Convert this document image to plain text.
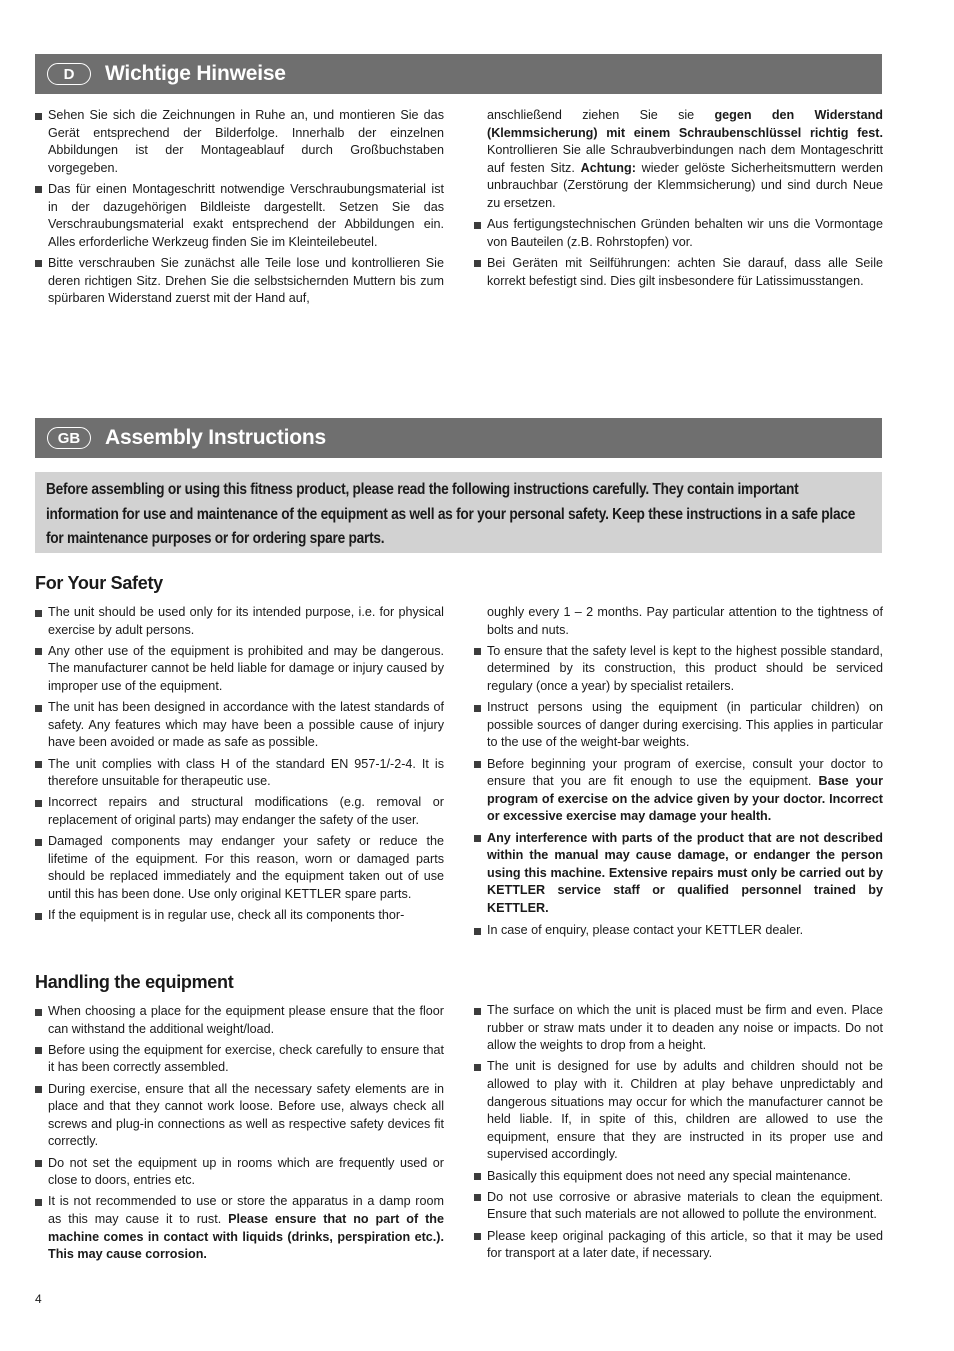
D	Wichtige Hinweise
Sehen Sie sich die Zeichnungen in Ruhe an, und montieren Sie das Gerät entsprechend der Bilderfolge. Innerhalb der einzelnen Abbildungen ist der Montageablauf durch Großbuchstaben vorgegeben.
Das für einen Montageschritt notwendige Verschraubungsmaterial ist in der dazugehörigen Bildleiste dargestellt. Setzen Sie das Verschraubungsmaterial exakt entsprechend der Abbildungen ein. Alles erforderliche Werkzeug finden Sie im Kleinteilebeutel.
Bitte verschrauben Sie zunächst alle Teile lose und kontrollieren Sie deren richtigen Sitz. Drehen Sie die selbstsichernden Muttern bis zum spürbaren Widerstand zuerst mit der Hand auf,
anschließend ziehen Sie sie gegen den Widerstand (Klemmsicherung) mit einem Schraubenschlüssel richtig fest. Kontrollieren Sie alle Schraubverbindungen nach dem Montageschritt auf festen Sitz. Achtung: wieder gelöste Sicherheitsmuttern werden unbrauchbar (Zerstörung der Klemmsicherung) und sind durch Neue zu ersetzen.
Aus fertigungstechnischen Gründen behalten wir uns die Vormontage von Bauteilen (z.B. Rohrstopfen) vor.
Bei Geräten mit Seilführungen: achten Sie darauf, dass alle Seile korrekt befestigt sind. Dies gilt insbesondere für Latissimusstangen.
GB	Assembly Instructions
Before assembling or using this fitness product, please read the following instructions carefully. They contain important information for use and maintenance of the equipment as well as for your personal safety. Keep these instructions in a safe place for maintenance purposes or for ordering spare parts.
For Your Safety
The unit should be used only for its intended purpose, i.e. for physical exercise by adult persons.
Any other use of the equipment is prohibited and may be dangerous. The manufacturer cannot be held liable for damage or injury caused by improper use of the equipment.
The unit has been designed in accordance with the latest standards of safety. Any features which may have been a possible cause of injury have been avoided or made as safe as possible.
The unit complies with class H of the standard EN 957-1/-2-4. It is therefore unsuitable for therapeutic use.
Incorrect repairs and structural modifications (e.g. removal or replacement of original parts) may endanger the safety of the user.
Damaged components may endanger your safety or reduce the lifetime of the equipment. For this reason, worn or damaged parts should be replaced immediately and the equipment taken out of use until this has been done. Use only original KETTLER spare parts.
If the equipment is in regular use, check all its components thor-
oughly every 1 – 2 months. Pay particular attention to the tightness of bolts and nuts.
To ensure that the safety level is kept to the highest possible standard, determined by its construction, this product should be serviced regulary (once a year) by specialist retailers.
Instruct persons using the equipment (in particular children) on possible sources of danger during exercising. This applies in particular to the use of the weight-bar weights.
Before beginning your program of exercise, consult your doctor to ensure that you are fit enough to use the equipment. Base your program of exercise on the advice given by your doctor. Incorrect or excessive exercise may damage your health.
Any interference with parts of the product that are not described within the manual may cause damage, or endanger the person using this machine. Extensive repairs must only be carried out by KETTLER service staff or qualified personnel trained by KETTLER.
In case of enquiry, please contact your KETTLER dealer.
Handling the equipment
When choosing a place for the equipment please ensure that the floor can withstand the additional weight/load.
Before using the equipment for exercise, check carefully to ensure that it has been correctly assembled.
During exercise, ensure that all the necessary safety elements are in place and that they cannot work loose. Before use, always check all screws and plug-in connections as well as respective safety devices fit correctly.
Do not set the equipment up in rooms which are frequently used or close to doors, entries etc.
It is not recommended to use or store the apparatus in a damp room as this may cause it to rust. Please ensure that no part of the machine comes in contact with liquids (drinks, perspiration etc.). This may cause corrosion.
The surface on which the unit is placed must be firm and even. Place rubber or straw mats under it to deaden any noise or impacts. Do not allow the weights to drop from a height.
The unit is designed for use by adults and children should not be allowed to play with it. Children at play behave unpredictably and dangerous situations may occur for which the manufacturer cannot be held liable. If, in spite of this, children are allowed to use the equipment, ensure that they are instructed in its proper use and supervised accordingly.
Basically this equipment does not need any special maintenance.
Do not use corrosive or abrasive materials to clean the equipment. Ensure that such materials are not allowed to pollute the environment.
Please keep original packaging of this article, so that it may be used for transport at a later date, if necessary.
4
